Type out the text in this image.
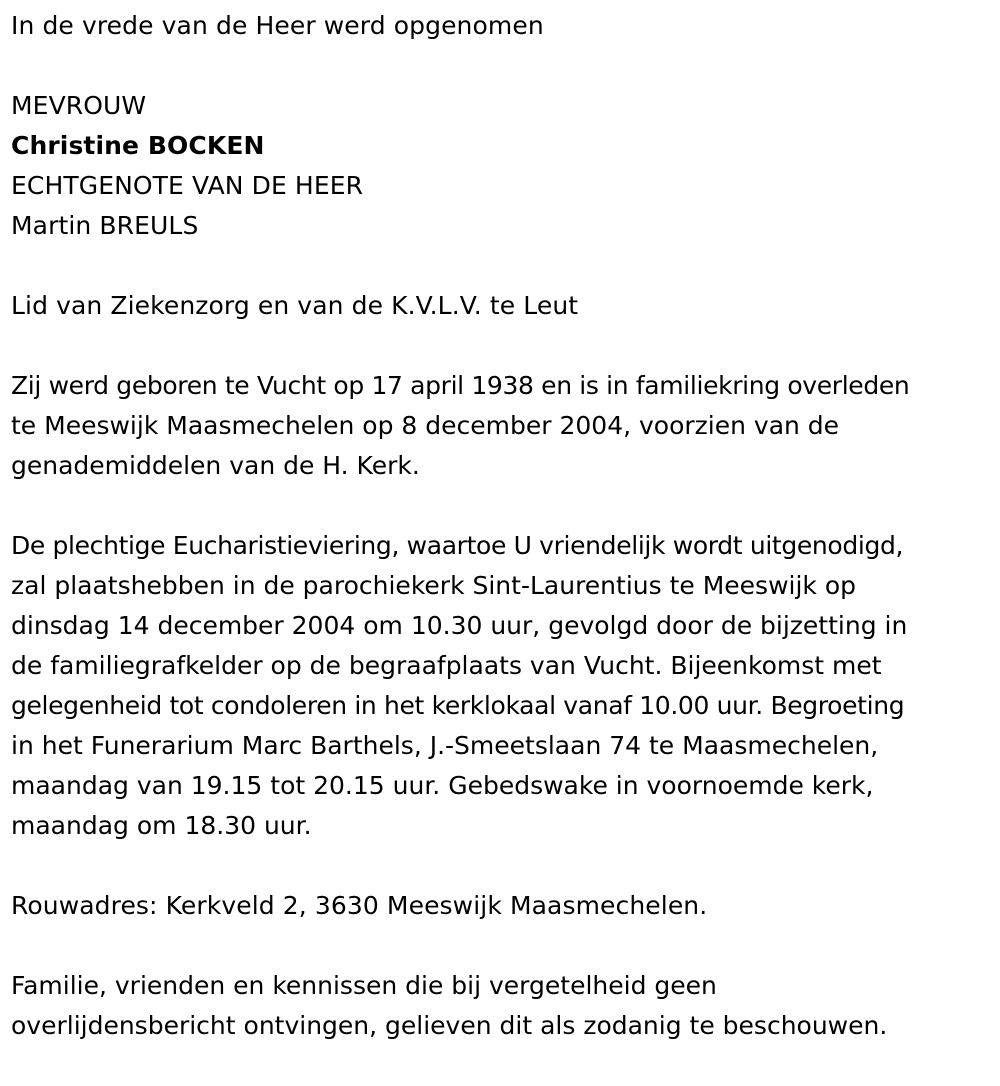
In de vrede van de Heer werd opgenomen
MEVROUW
Christine BOCKEN
ECHTGENOTE VAN DE HEER
Martin BREULS
Lid van Ziekenzorg en van de K.V.L.V. te Leut
Zij werd geboren te Vucht op 17 april 1938 en is in familiekring overleden
te Meeswijk Maasmechelen op 8 december 2004, voorzien van de
genademiddelen van de H. Kerk.
De plechtige Eucharistieviering, waartoe U vriendelijk wordt uitgenodigd,
zal plaatshebben in de parochiekerk Sint-Laurentius te Meeswijk op
dinsdag 14 december 2004 om 10.30 uur, gevolgd door de bijzetting in
de familiegrafkelder op de begraafplaats van Vucht. Bijeenkomst met
gelegenheid tot condoleren in het kerklokaal vanaf 10.00 uur. Begroeting
in het Funerarium Marc Barthels, J.-Smeetslaan 74 te Maasmechelen,
maandag van 19.15 tot 20.15 uur. Gebedswake in voornoemde kerk,
maandag om 18.30 uur.
Rouwadres: Kerkveld 2, 3630 Meeswijk Maasmechelen.
Familie, vrienden en kennissen die bij vergetelheid geen
overlijdensbericht ontvingen, gelieven dit als zodanig te beschouwen.
